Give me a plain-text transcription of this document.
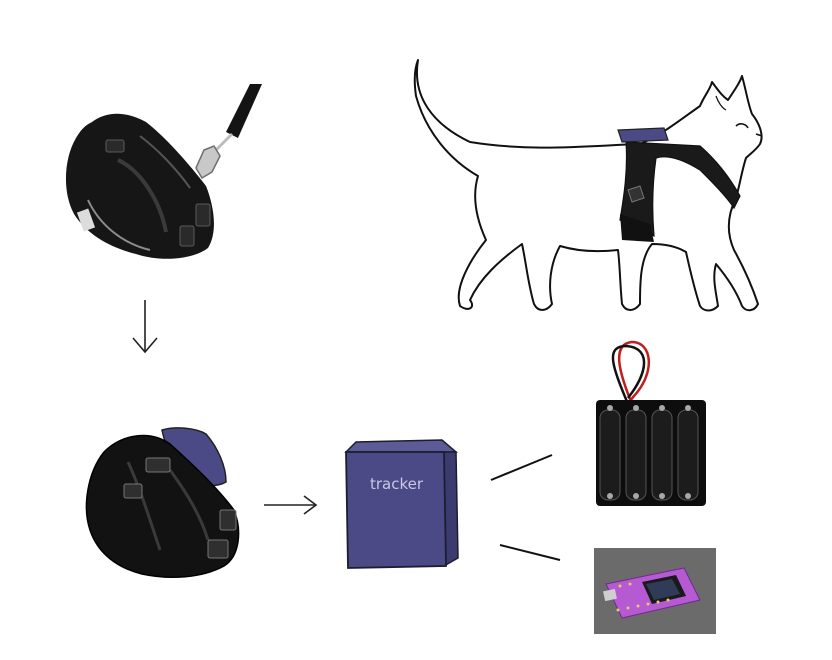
tracker
